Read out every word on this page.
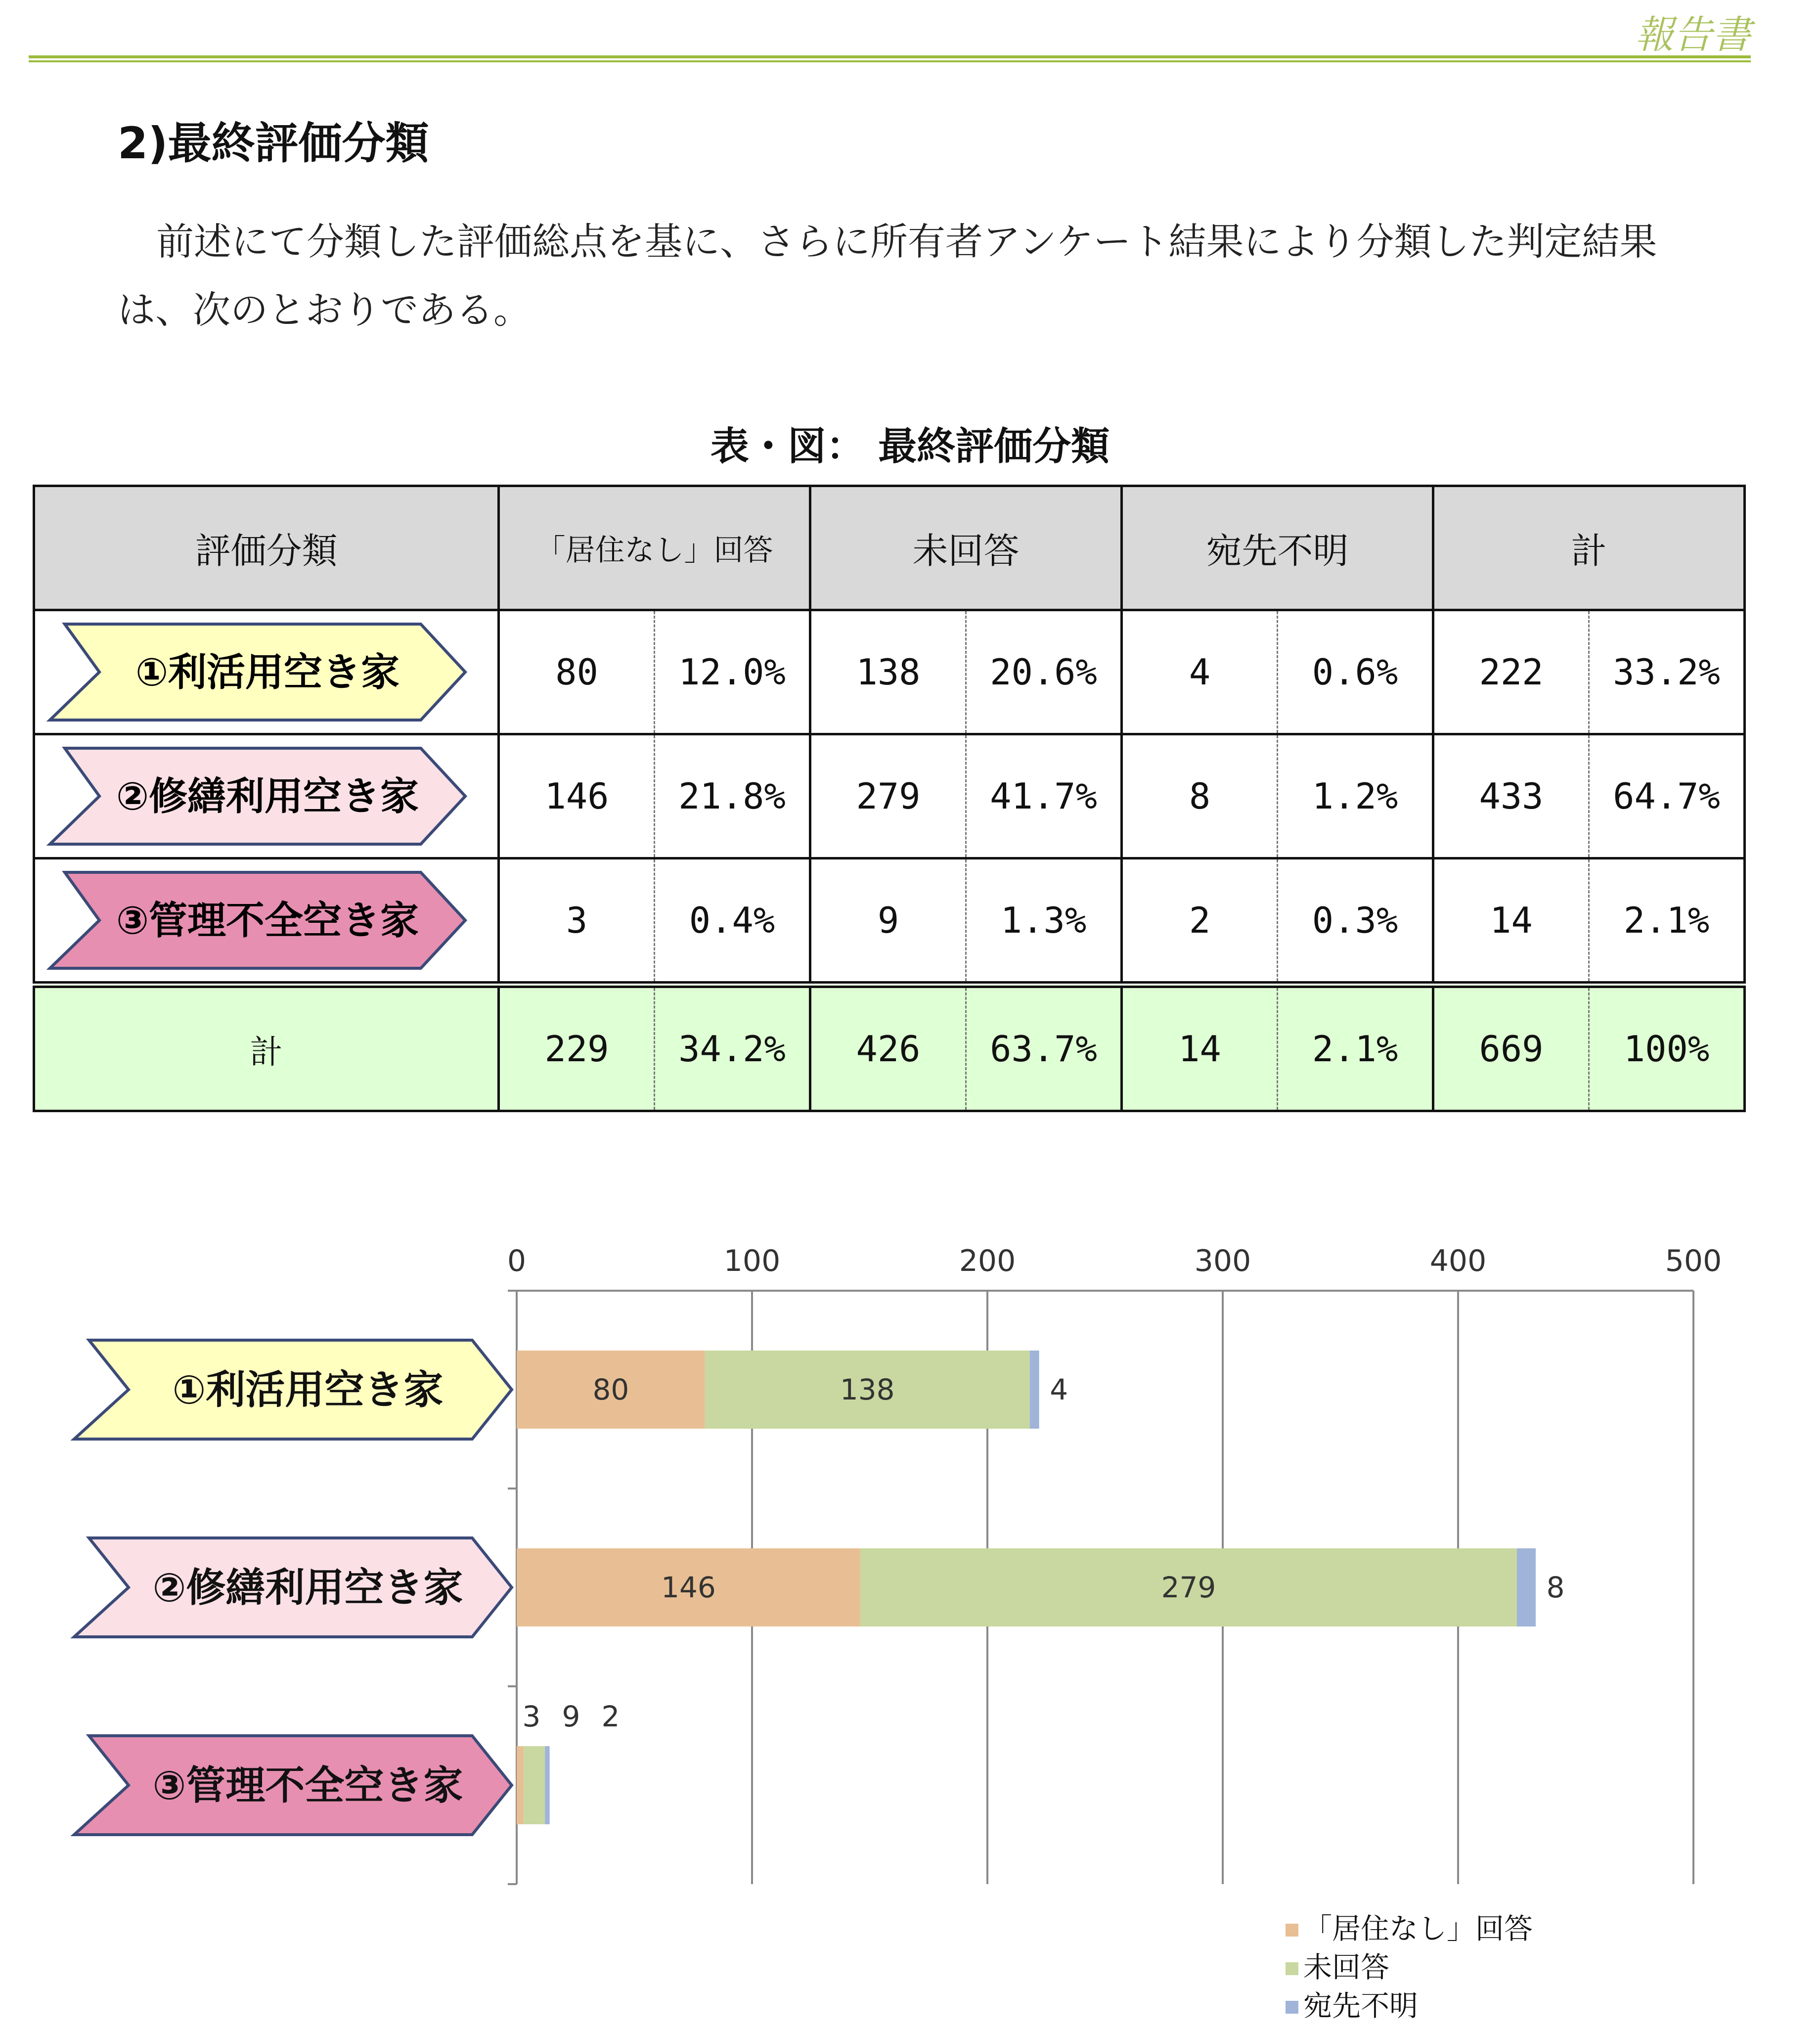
報告書
2)最終評価分類
前述にて分類した評価総点を基に、さらに所有者アンケート結果により分類した判定結果
は、次のとおりである。
表・図： 最終評価分類
評価分類	「居住なし」回答		未回答		宛先不明		計	

①利活用空き家	80	12.0%	138	20.6%	4	0.6%	222	33.2%

②修繕利用空き家	146	21.8%	279	41.7%	8	1.2%	433	64.7%

③管理不全空き家	3	0.4%	9	1.3%	2	0.3%	14	2.1%
計	229	34.2%	426	63.7%	14	2.1%	669	100%
0	100	200	300	400	500
①利活用空き家	80	138	4
②修繕利用空き家	146	279	8
③管理不全空き家
3 9 2
「居住なし」回答
未回答
宛先不明
